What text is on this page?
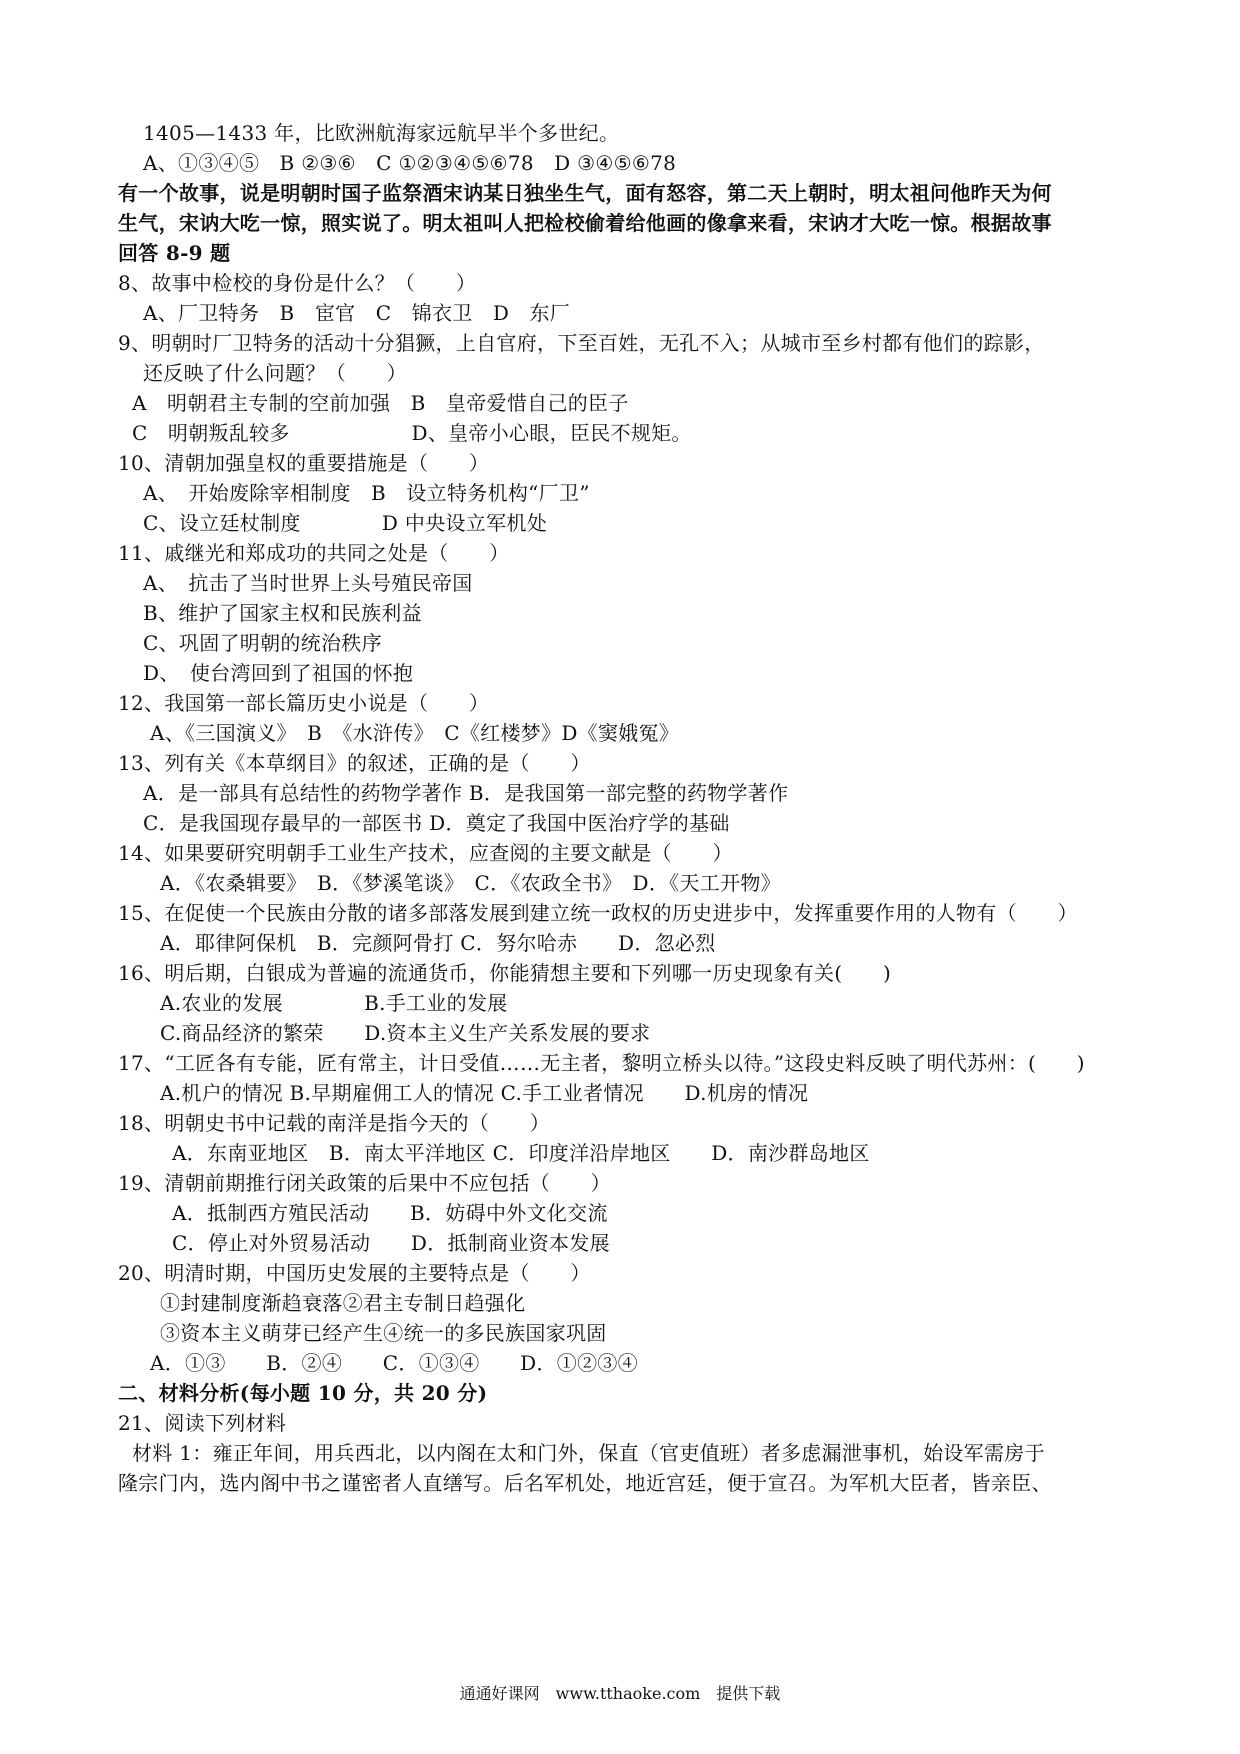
1405—1433 年，比欧洲航海家远航早半个多世纪。
A、①③④⑤　B ②③⑥　C ①②③④⑤⑥78　D ③④⑤⑥78
有一个故事，说是明朝时国子监祭酒宋讷某日独坐生气，面有怒容，第二天上朝时，明太祖问他昨天为何
生气，宋讷大吃一惊，照实说了。明太祖叫人把检校偷着给他画的像拿来看，宋讷才大吃一惊。根据故事
回答 8-9 题
8、故事中检校的身份是什么？（　　）
A、厂卫特务　B　宦官　C　锦衣卫　D　东厂
9、明朝时厂卫特务的活动十分猖獗，上自官府，下至百姓，无孔不入；从城市至乡村都有他们的踪影，
还反映了什么问题？（　　）
A　明朝君主专制的空前加强　B　皇帝爱惜自己的臣子
C　明朝叛乱较多　　　　　　D、皇帝小心眼，臣民不规矩。
10、清朝加强皇权的重要措施是（　　）
A、　开始废除宰相制度　B　设立特务机构“厂卫”
C、设立廷杖制度　　　　D 中央设立军机处
11、戚继光和郑成功的共同之处是（　　）
A、　抗击了当时世界上头号殖民帝国
B、维护了国家主权和民族利益
C、巩固了明朝的统治秩序
D、　使台湾回到了祖国的怀抱
12、我国第一部长篇历史小说是（　　）
A、《三国演义》　B　《水浒传》　C《红楼梦》D《窦娥冤》
13、列有关《本草纲目》的叙述，正确的是（　　）
A．是一部具有总结性的药物学著作 B．是我国第一部完整的药物学著作
C．是我国现存最早的一部医书 D．奠定了我国中医治疗学的基础
14、如果要研究明朝手工业生产技术，应查阅的主要文献是（　　）
A．《农桑辑要》　B．《梦溪笔谈》　C．《农政全书》　D．《天工开物》
15、在促使一个民族由分散的诸多部落发展到建立统一政权的历史进步中，发挥重要作用的人物有（　　）
A．耶律阿保机　B．完颜阿骨打 C．努尔哈赤　　D．忽必烈
16、明后期，白银成为普遍的流通货币，你能猜想主要和下列哪一历史现象有关(　　)
A.农业的发展　　　　B.手工业的发展
C.商品经济的繁荣　　D.资本主义生产关系发展的要求
17、“工匠各有专能，匠有常主，计日受值……无主者，黎明立桥头以待。”这段史料反映了明代苏州：(　　)
A.机户的情况 B.早期雇佣工人的情况 C.手工业者情况　　D.机房的情况
18、明朝史书中记载的南洋是指今天的（　　）
A．东南亚地区　B．南太平洋地区 C．印度洋沿岸地区　　D．南沙群岛地区
19、清朝前期推行闭关政策的后果中不应包括（　　）
A．抵制西方殖民活动　　B．妨碍中外文化交流
C．停止对外贸易活动　　D．抵制商业资本发展
20、明清时期，中国历史发展的主要特点是（　　）
①封建制度渐趋衰落②君主专制日趋强化
③资本主义萌芽已经产生④统一的多民族国家巩固
A．①③　　B．②④　　C．①③④　　D．①②③④
二、材料分析(每小题 10 分，共 20 分)
21、阅读下列材料
材料 1：雍正年间，用兵西北，以内阁在太和门外，保直（官吏值班）者多虑漏泄事机，始设军需房于
隆宗门内，选内阁中书之谨密者人直缮写。后名军机处，地近宫廷，便于宣召。为军机大臣者，皆亲臣、
通通好课网　www.tthaoke.com　提供下载
